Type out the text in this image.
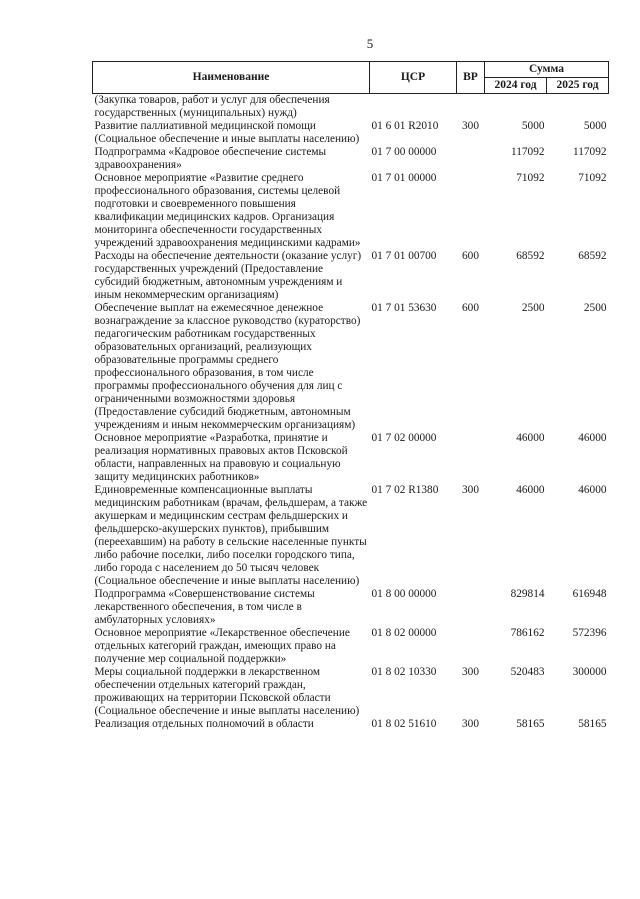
5
Наименование	ЦСР	ВР	Сумма	
			2024 год	2025 год
(Закупка товаров, работ и услуг для обеспечения государственных (муниципальных) нужд)				
Развитие паллиативной медицинской помощи (Социальное обеспечение и иные выплаты населению)	01 6 01 R2010	300	5000	5000
Подпрограмма «Кадровое обеспечение системы здравоохранения»	01 7 00 00000		117092	117092
Основное мероприятие «Развитие среднего профессионального образования, системы целевой подготовки и своевременного повышения квалификации медицинских кадров. Организация мониторинга обеспеченности государственных учреждений здравоохранения медицинскими кадрами»	01 7 01 00000		71092	71092
Расходы на обеспечение деятельности (оказание услуг) государственных учреждений (Предоставление субсидий бюджетным, автономным учреждениям и иным некоммерческим организациям)	01 7 01 00700	600	68592	68592
Обеспечение выплат на ежемесячное денежное вознаграждение за классное руководство (кураторство) педагогическим работникам государственных образовательных организаций, реализующих образовательные программы среднего профессионального образования, в том числе программы профессионального обучения для лиц с ограниченными возможностями здоровья (Предоставление субсидий бюджетным, автономным учреждениям и иным некоммерческим организациям)	01 7 01 53630	600	2500	2500
Основное мероприятие «Разработка, принятие и реализация нормативных правовых актов Псковской области, направленных на правовую и социальную защиту медицинских работников»	01 7 02 00000		46000	46000
Единовременные компенсационные выплаты медицинским работникам (врачам, фельдшерам, а также акушеркам и медицинским сестрам фельдшерских и фельдшерско-акушерских пунктов), прибывшим (переехавшим) на работу в сельские населенные пункты либо рабочие поселки, либо поселки городского типа, либо города с населением до 50 тысяч человек (Социальное обеспечение и иные выплаты населению)	01 7 02 R1380	300	46000	46000
Подпрограмма «Совершенствование системы лекарственного обеспечения, в том числе в амбулаторных условиях»	01 8 00 00000		829814	616948
Основное мероприятие «Лекарственное обеспечение отдельных категорий граждан, имеющих право на получение мер социальной поддержки»	01 8 02 00000		786162	572396
Меры социальной поддержки в лекарственном обеспечении отдельных категорий граждан, проживающих на территории Псковской области (Социальное обеспечение и иные выплаты населению)	01 8 02 10330	300	520483	300000
Реализация отдельных полномочий в области	01 8 02 51610	300	58165	58165
